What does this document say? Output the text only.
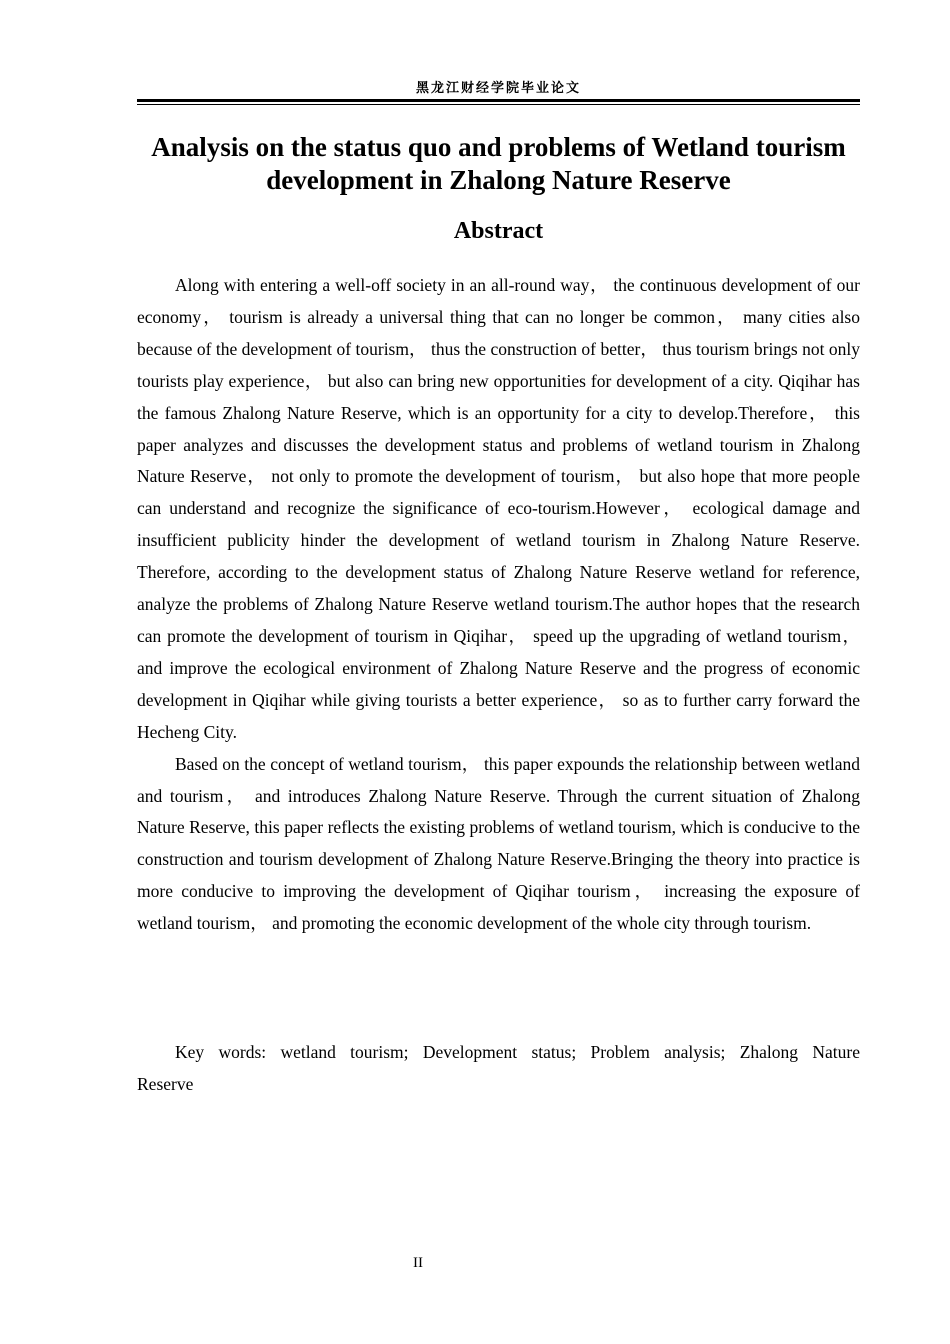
黑龙江财经学院毕业论文
Analysis on the status quo and problems of Wetland tourism development in Zhalong Nature Reserve
Abstract

Along with entering a well-off society in an all-round way， the continuous development of our economy， tourism is already a universal thing that can no longer be common， many cities also because of the development of tourism， thus the construction of better， thus tourism brings not only tourists play experience， but also can bring new opportunities for development of a city. Qiqihar has the famous Zhalong Nature Reserve, which is an opportunity for a city to develop.Therefore， this paper analyzes and discusses the development status and problems of wetland tourism in Zhalong Nature Reserve， not only to promote the development of tourism， but also hope that more people can understand and recognize the significance of eco-tourism.However， ecological damage and insufficient publicity hinder the development of wetland tourism in Zhalong Nature Reserve. Therefore, according to the development status of Zhalong Nature Reserve wetland for reference, analyze the problems of Zhalong Nature Reserve wetland tourism.The author hopes that the research can promote the development of tourism in Qiqihar， speed up the upgrading of wetland tourism， and improve the ecological environment of Zhalong Nature Reserve and the progress of economic development in Qiqihar while giving tourists a better experience， so as to further carry forward the Hecheng City.

Based on the concept of wetland tourism， this paper expounds the relationship between wetland and tourism， and introduces Zhalong Nature Reserve. Through the current situation of Zhalong Nature Reserve, this paper reflects the existing problems of wetland tourism, which is conducive to the construction and tourism development of Zhalong Nature Reserve.Bringing the theory into practice is more conducive to improving the development of Qiqihar tourism， increasing the exposure of wetland tourism， and promoting the economic development of the whole city through tourism.

Key words: wetland tourism; Development status; Problem analysis; Zhalong Nature Reserve

II
